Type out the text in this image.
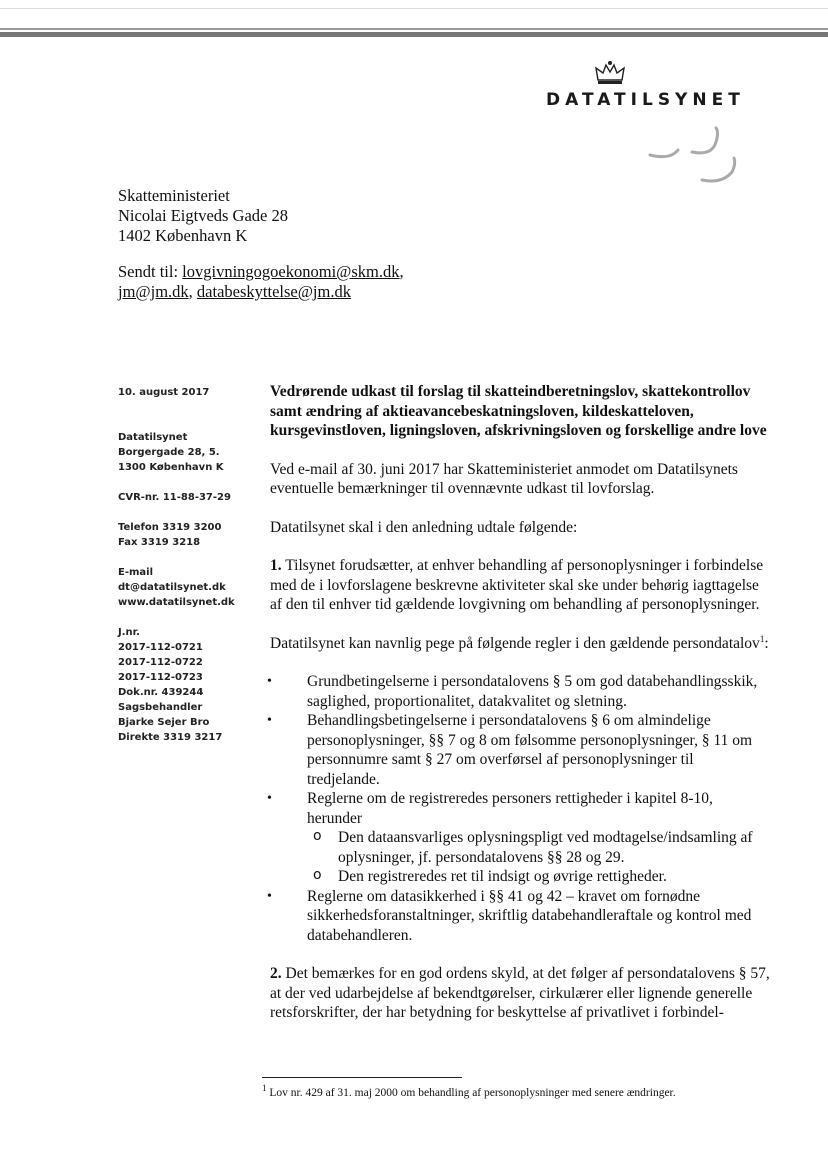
DATATILSYNET
Skatteministeriet
Nicolai Eigtveds Gade 28
1402 København K
Sendt til: lovgivningogoekonomi@skm.dk,
jm@jm.dk, databeskyttelse@jm.dk

10. august 2017

Datatilsynet

Borgergade 28, 5.

1300 København K

CVR-nr. 11-88-37-29

Telefon 3319 3200

Fax 3319 3218

E-mail

dt@datatilsynet.dk

www.datatilsynet.dk

J.nr.

2017-112-0721

2017-112-0722

2017-112-0723

Dok.nr. 439244

Sagsbehandler

Bjarke Sejer Bro

Direkte 3319 3217

Vedrørende udkast til forslag til skatteindberetningslov, skattekontrollov samt ændring af aktieavancebeskatningsloven, kildeskatteloven, kursgevinstloven, ligningsloven, afskrivningsloven og forskellige andre love

Ved e-mail af 30. juni 2017 har Skatteministeriet anmodet om Datatilsynets eventuelle bemærkninger til ovennævnte udkast til lovforslag.

Datatilsynet skal i den anledning udtale følgende:

1. Tilsynet forudsætter, at enhver behandling af personoplysninger i forbindelse med de i lovforslagene beskrevne aktiviteter skal ske under behørig iagttagelse af den til enhver tid gældende lovgivning om behandling af personoplysninger.

Datatilsynet kan navnlig pege på følgende regler i den gældende persondatalov$^1$:

• Grundbetingelserne i persondatalovens § 5 om god databehandlingsskik, saglighed, proportionalitet, datakvalitet og sletning.
• Behandlingsbetingelserne i persondatalovens § 6 om almindelige personoplysninger, §§ 7 og 8 om følsomme personoplysninger, § 11 om personnumre samt § 27 om overførsel af personoplysninger til tredjelande.
• Reglerne om de registreredes personers rettigheder i kapitel 8-10, herunder
o Den dataansvarliges oplysningspligt ved modtagelse/indsamling af oplysninger, jf. persondatalovens §§ 28 og 29.
o Den registreredes ret til indsigt og øvrige rettigheder.
• Reglerne om datasikkerhed i §§ 41 og 42 – kravet om fornødne sikkerhedsforanstaltninger, skriftlig databehandleraftale og kontrol med databehandleren.

2. Det bemærkes for en god ordens skyld, at det følger af persondatalovens § 57, at der ved udarbejdelse af bekendtgørelser, cirkulærer eller lignende generelle retsforskrifter, der har betydning for beskyttelse af privatlivet i forbindel-

$^1$ Lov nr. 429 af 31. maj 2000 om behandling af personoplysninger med senere ændringer.
